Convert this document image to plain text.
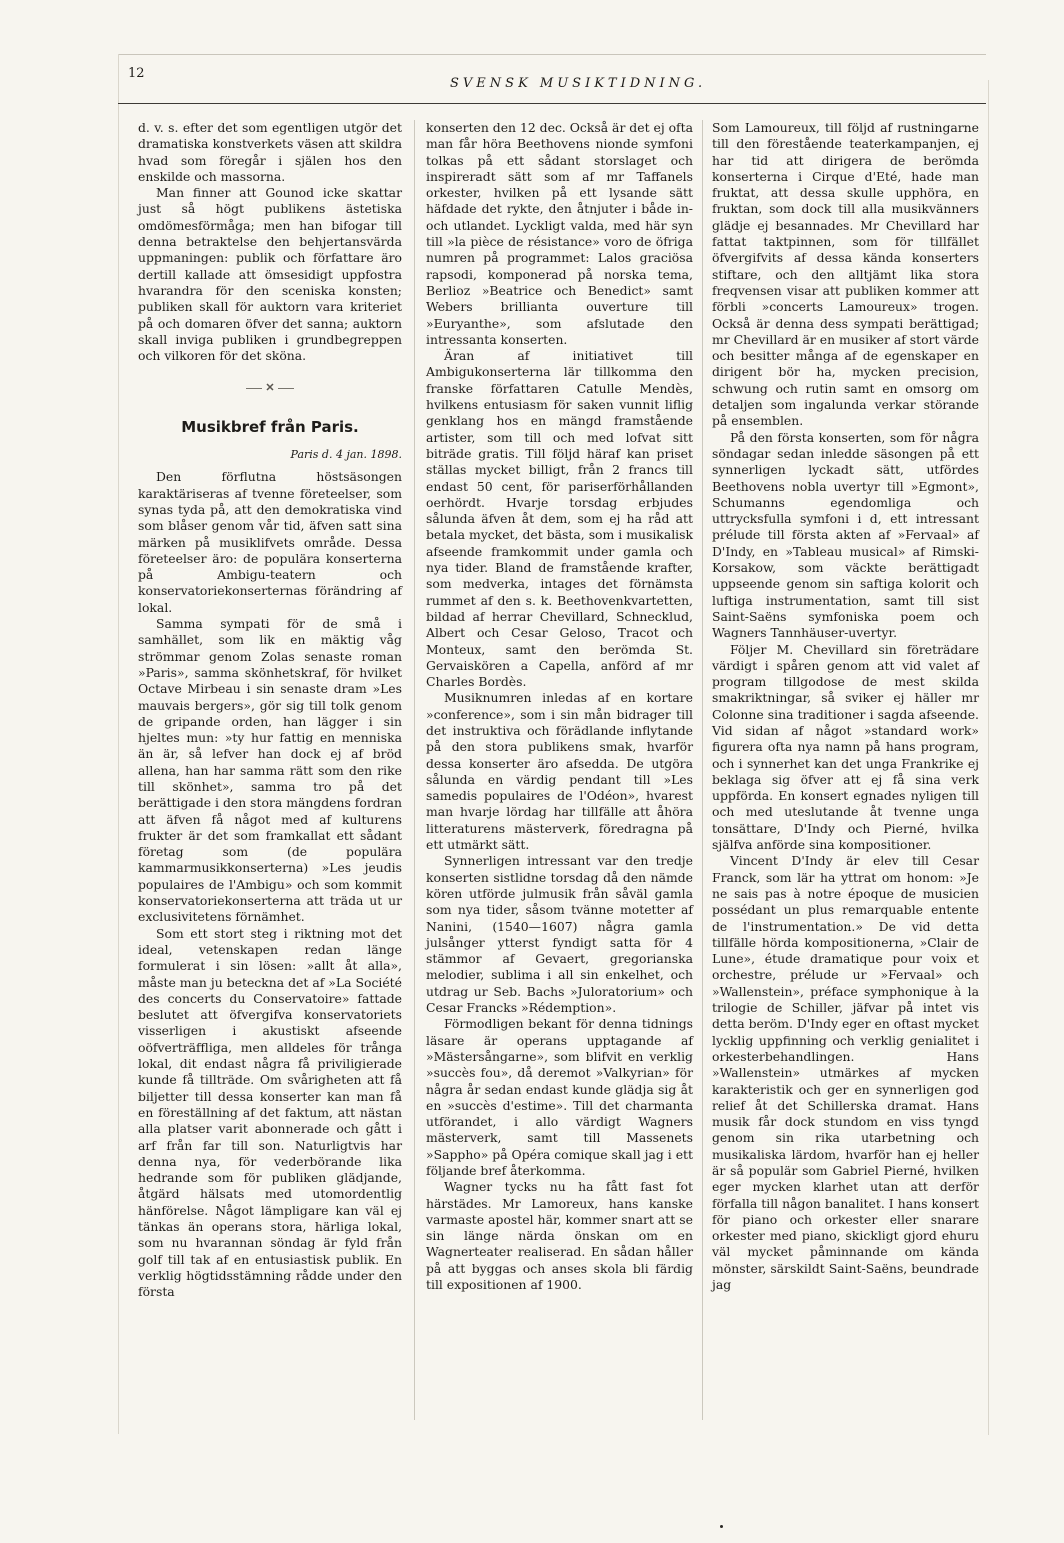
12
SVENSK MUSIKTIDNING.

d. v. s. efter det som egentligen utgör det dramatiska konstverkets väsen att skildra hvad som föregår i själen hos den enskilde och massorna.

Man finner att Gounod icke skattar just så högt publikens ästetiska omdömesförmåga; men han bifogar till denna betraktelse den behjertansvärda uppmaningen: publik och författare äro dertill kallade att ömsesidigt uppfostra hvarandra för den sceniska konsten; publiken skall för auktorn vara kriteriet på och domaren öfver det sanna; auktorn skall inviga publiken i grundbegreppen och vilkoren för det sköna.

✕
Musikbref från Paris.
Paris d. 4 jan. 1898.

Den förflutna höstsäsongen karaktäriseras af tvenne företeelser, som synas tyda på, att den demokratiska vind som blåser genom vår tid, äfven satt sina märken på musiklifvets område. Dessa företeelser äro: de populära konserterna på Ambigu-teatern och konservatoriekonserternas förändring af lokal.

Samma sympati för de små i samhället, som lik en mäktig våg strömmar genom Zolas senaste roman »Paris», samma skönhetskraf, för hvilket Octave Mirbeau i sin senaste dram »Les mauvais bergers», gör sig till tolk genom de gripande orden, han lägger i sin hjeltes mun: »ty hur fattig en menniska än är, så lefver han dock ej af bröd allena, han har samma rätt som den rike till skönhet», samma tro på det berättigade i den stora mängdens fordran att äfven få något med af kulturens frukter är det som framkallat ett sådant företag som (de populära kammarmusikkonserterna) »Les jeudis populaires de l'Ambigu» och som kommit konservatoriekonserterna att träda ut ur exclusivitetens förnämhet.

Som ett stort steg i riktning mot det ideal, vetenskapen redan länge formulerat i sin lösen: »allt åt alla», måste man ju beteckna det af »La Société des concerts du Conservatoire» fattade beslutet att öfvergifva konservatoriets visserligen i akustiskt afseende oöfverträffliga, men alldeles för trånga lokal, dit endast några få priviligierade kunde få tillträde. Om svårigheten att få biljetter till dessa konserter kan man få en föreställning af det faktum, att nästan alla platser varit abonnerade och gått i arf från far till son. Naturligtvis har denna nya, för vederbörande lika hedrande som för publiken glädjande, åtgärd hälsats med utomordentlig hänförelse. Något lämpligare kan väl ej tänkas än operans stora, härliga lokal, som nu hvarannan söndag är fyld från golf till tak af en entusiastisk publik. En verklig högtidsstämning rådde under den första

konserten den 12 dec. Också är det ej ofta man får höra Beethovens nionde symfoni tolkas på ett sådant storslaget och inspireradt sätt som af mr Taffanels orkester, hvilken på ett lysande sätt häfdade det rykte, den åtnjuter i både in- och utlandet. Lyckligt valda, med här syn till »la pièce de résistance» voro de öfriga numren på programmet: Lalos graciösa rapsodi, komponerad på norska tema, Berlioz »Beatrice och Benedict» samt Webers brillianta ouverture till »Euryanthe», som afslutade den intressanta konserten.

Äran af initiativet till Ambigukonserterna lär tillkomma den franske författaren Catulle Mendès, hvilkens entusiasm för saken vunnit liflig genklang hos en mängd framstående artister, som till och med lofvat sitt biträde gratis. Till följd häraf kan priset ställas mycket billigt, från 2 francs till endast 50 cent, för pariserförhållanden oerhördt. Hvarje torsdag erbjudes sålunda äfven åt dem, som ej ha råd att betala mycket, det bästa, som i musikalisk afseende framkommit under gamla och nya tider. Bland de framstående krafter, som medverka, intages det förnämsta rummet af den s. k. Beethovenkvartetten, bildad af herrar Chevillard, Schnecklud, Albert och Cesar Geloso, Tracot och Monteux, samt den berömda St. Gervaiskören a Capella, anförd af mr Charles Bordès.

Musiknumren inledas af en kortare »conference», som i sin mån bidrager till det instruktiva och förädlande inflytande på den stora publikens smak, hvarför dessa konserter äro afsedda. De utgöra sålunda en värdig pendant till »Les samedis populaires de l'Odéon», hvarest man hvarje lördag har tillfälle att åhöra litteraturens mästerverk, föredragna på ett utmärkt sätt.

Synnerligen intressant var den tredje konserten sistlidne torsdag då den nämde kören utförde julmusik från såväl gamla som nya tider, såsom tvänne motetter af Nanini, (1540—1607) några gamla julsånger ytterst fyndigt satta för 4 stämmor af Gevaert, gregorianska melodier, sublima i all sin enkelhet, och utdrag ur Seb. Bachs »Juloratorium» och Cesar Francks »Rédemption».

Förmodligen bekant för denna tidnings läsare är operans upptagande af »Mästersångarne», som blifvit en verklig »succès fou», då deremot »Valkyrian» för några år sedan endast kunde glädja sig åt en »succès d'estime». Till det charmanta utförandet, i allo värdigt Wagners mästerverk, samt till Massenets »Sappho» på Opéra comique skall jag i ett följande bref återkomma.

Wagner tycks nu ha fått fast fot härstädes. Mr Lamoreux, hans kanske varmaste apostel här, kommer snart att se sin länge närda önskan om en Wagnerteater realiserad. En sådan håller på att byggas och anses skola bli färdig till expositionen af 1900.

Som Lamoureux, till följd af rustningarne till den förestående teaterkampanjen, ej har tid att dirigera de berömda konserterna i Cirque d'Eté, hade man fruktat, att dessa skulle upphöra, en fruktan, som dock till alla musikvänners glädje ej besannades. Mr Chevillard har fattat taktpinnen, som för tillfället öfvergifvits af dessa kända konserters stiftare, och den alltjämt lika stora freqvensen visar att publiken kommer att förbli »concerts Lamoureux» trogen. Också är denna dess sympati berättigad; mr Chevillard är en musiker af stort värde och besitter många af de egenskaper en dirigent bör ha, mycken precision, schwung och rutin samt en omsorg om detaljen som ingalunda verkar störande på ensemblen.

På den första konserten, som för några söndagar sedan inledde säsongen på ett synnerligen lyckadt sätt, utfördes Beethovens nobla uvertyr till »Egmont», Schumanns egendomliga och uttrycksfulla symfoni i d, ett intressant prélude till första akten af »Fervaal» af D'Indy, en »Tableau musical» af Rimski-Korsakow, som väckte berättigadt uppseende genom sin saftiga kolorit och luftiga instrumentation, samt till sist Saint-Saëns symfoniska poem och Wagners Tannhäuser-uvertyr.

Följer M. Chevillard sin företrädare värdigt i spåren genom att vid valet af program tillgodose de mest skilda smakriktningar, så sviker ej häller mr Colonne sina traditioner i sagda afseende. Vid sidan af något »standard work» figurera ofta nya namn på hans program, och i synnerhet kan det unga Frankrike ej beklaga sig öfver att ej få sina verk uppförda. En konsert egnades nyligen till och med uteslutande åt tvenne unga tonsättare, D'Indy och Pierné, hvilka själfva anförde sina kompositioner.

Vincent D'Indy är elev till Cesar Franck, som lär ha yttrat om honom: »Je ne sais pas à notre époque de musicien possédant un plus remarquable entente de l'instrumentation.» De vid detta tillfälle hörda kompositionerna, »Clair de Lune», étude dramatique pour voix et orchestre, prélude ur »Fervaal» och »Wallenstein», préface symphonique à la trilogie de Schiller, jäfvar på intet vis detta beröm. D'Indy eger en oftast mycket lycklig uppfinning och verklig genialitet i orkesterbehandlingen. Hans »Wallenstein» utmärkes af mycken karakteristik och ger en synnerligen god relief åt det Schillerska dramat. Hans musik får dock stundom en viss tyngd genom sin rika utarbetning och musikaliska lärdom, hvarför han ej heller är så populär som Gabriel Pierné, hvilken eger mycken klarhet utan att derför förfalla till någon banalitet. I hans konsert för piano och orkester eller snarare orkester med piano, skickligt gjord ehuru väl mycket påminnande om kända mönster, särskildt Saint-Saëns, beundrade jag
